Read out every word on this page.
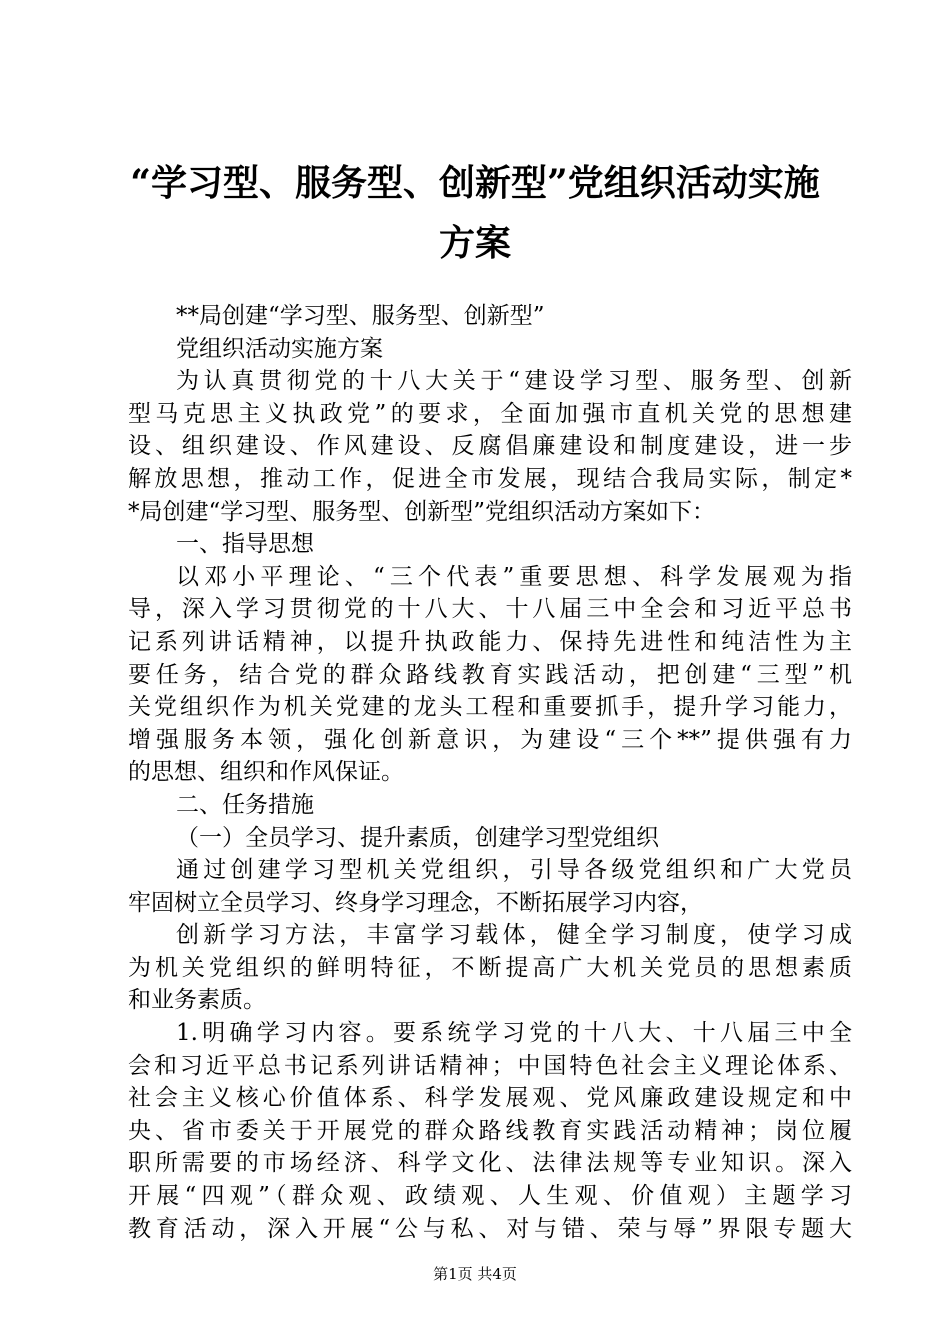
“学习型、服务型、创新型”党组织活动实施
方案
**局创建“学习型、服务型、创新型”
党组织活动实施方案
为认真贯彻党的十八大关于“建设学习型、服务型、创新
型马克思主义执政党”的要求，全面加强市直机关党的思想建
设、组织建设、作风建设、反腐倡廉建设和制度建设，进一步
解放思想，推动工作，促进全市发展，现结合我局实际，制定*
*局创建“学习型、服务型、创新型”党组织活动方案如下：
一、指导思想
以邓小平理论、“三个代表”重要思想、科学发展观为指
导，深入学习贯彻党的十八大、十八届三中全会和习近平总书
记系列讲话精神，以提升执政能力、保持先进性和纯洁性为主
要任务，结合党的群众路线教育实践活动，把创建“三型”机
关党组织作为机关党建的龙头工程和重要抓手，提升学习能力，
增强服务本领，强化创新意识，为建设“三个**”提供强有力
的思想、组织和作风保证。
二、任务措施
（一）全员学习、提升素质，创建学习型党组织
通过创建学习型机关党组织，引导各级党组织和广大党员
牢固树立全员学习、终身学习理念，不断拓展学习内容，
创新学习方法，丰富学习载体，健全学习制度，使学习成
为机关党组织的鲜明特征，不断提高广大机关党员的思想素质
和业务素质。
1.明确学习内容。要系统学习党的十八大、十八届三中全
会和习近平总书记系列讲话精神；中国特色社会主义理论体系、
社会主义核心价值体系、科学发展观、党风廉政建设规定和中
央、省市委关于开展党的群众路线教育实践活动精神；岗位履
职所需要的市场经济、科学文化、法律法规等专业知识。深入
开展“四观”（群众观、政绩观、人生观、价值观）主题学习
教育活动，深入开展“公与私、对与错、荣与辱”界限专题大
第1页 共4页
